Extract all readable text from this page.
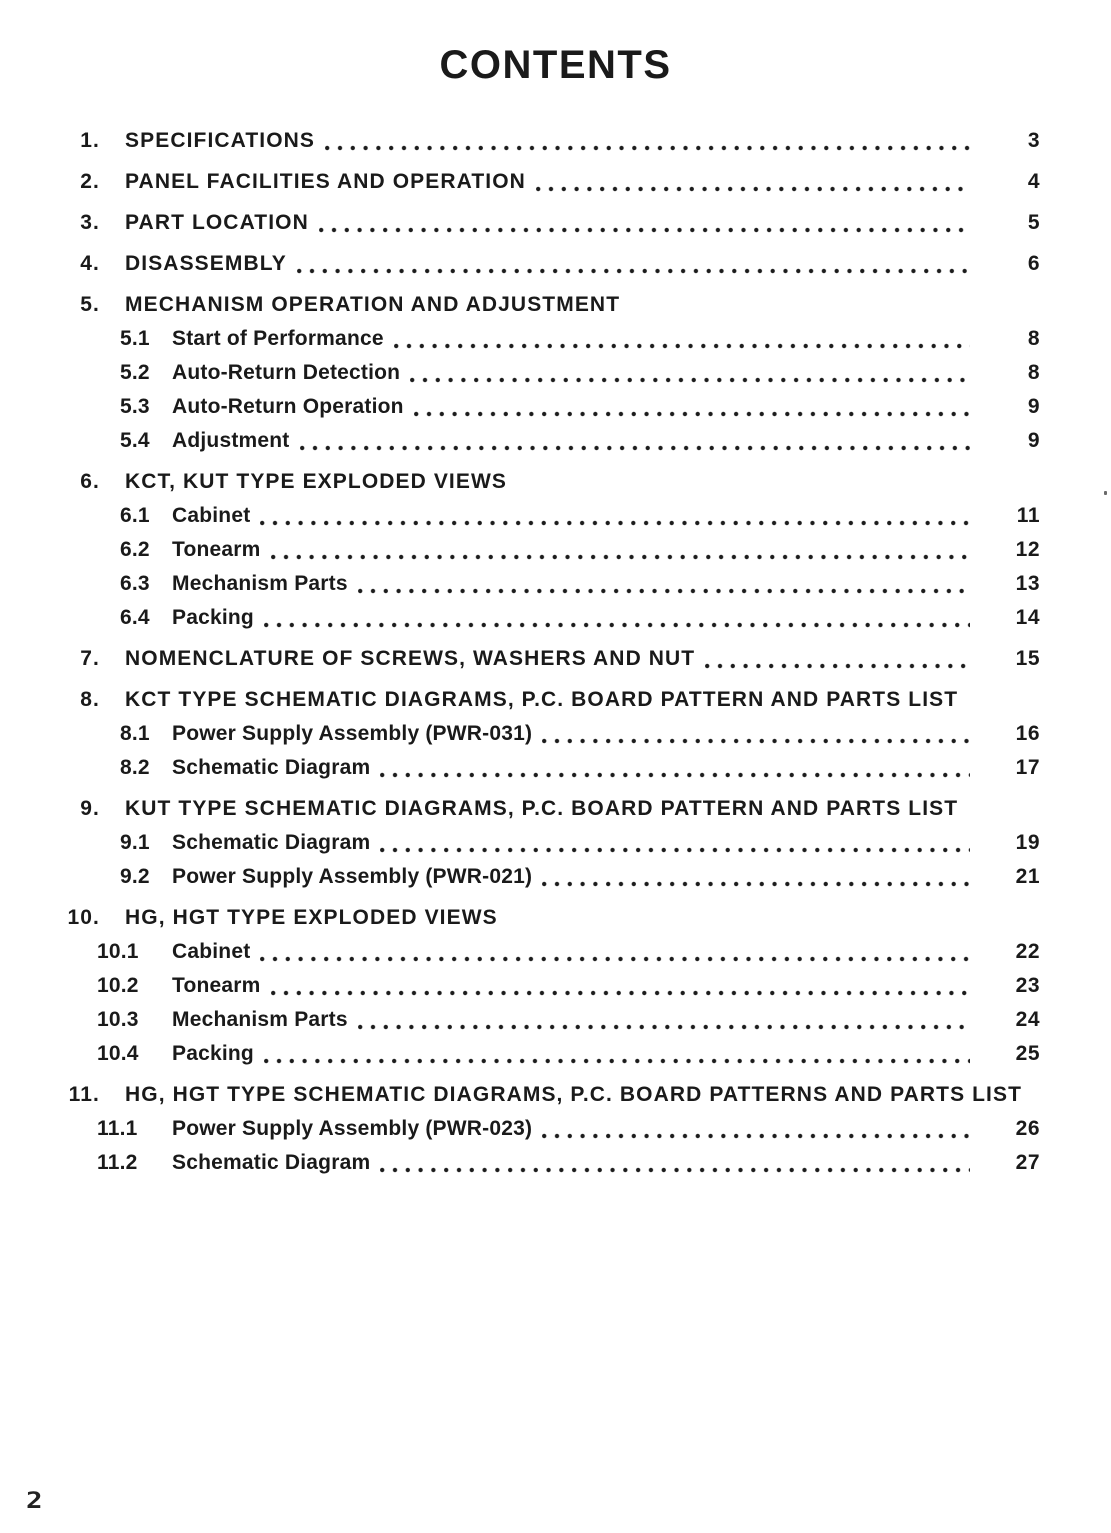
CONTENTS
1. SPECIFICATIONS	3
2. PANEL FACILITIES AND OPERATION	4
3. PART LOCATION	5
4. DISASSEMBLY	6
5. MECHANISM OPERATION AND ADJUSTMENT
5.1	Start of Performance	8
5.2	Auto-Return Detection	8
5.3	Auto-Return Operation	9
5.4	Adjustment	9
6. KCT, KUT TYPE EXPLODED VIEWS
6.1	Cabinet	11
6.2	Tonearm	12
6.3	Mechanism Parts	13
6.4	Packing	14
7. NOMENCLATURE OF SCREWS, WASHERS AND NUT	15
8. KCT TYPE SCHEMATIC DIAGRAMS, P.C. BOARD PATTERN AND PARTS LIST
8.1	Power Supply Assembly (PWR-031)	16
8.2	Schematic Diagram	17
9. KUT TYPE SCHEMATIC DIAGRAMS, P.C. BOARD PATTERN AND PARTS LIST
9.1	Schematic Diagram	19
9.2	Power Supply Assembly (PWR-021)	21
10. HG, HGT TYPE EXPLODED VIEWS
10.1	Cabinet	22
10.2	Tonearm	23
10.3	Mechanism Parts	24
10.4	Packing	25
11. HG, HGT TYPE SCHEMATIC DIAGRAMS, P.C. BOARD PATTERNS AND PARTS LIST
11.1	Power Supply Assembly (PWR-023)	26
11.2	Schematic Diagram	27
2
